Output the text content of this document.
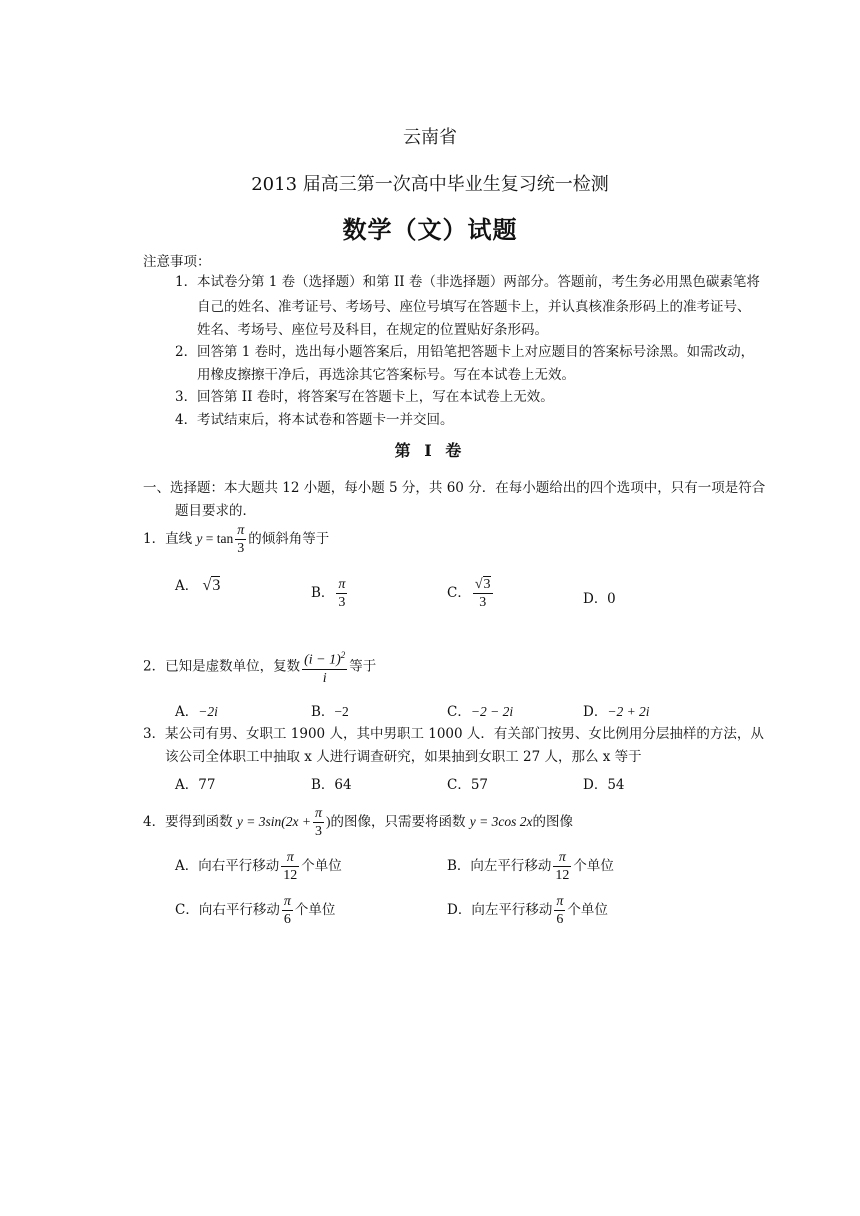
云南省
2013 届高三第一次高中毕业生复习统一检测
数学（文）试题
注意事项：
1． 本试卷分第 1 卷（选择题）和第 II 卷（非选择题）两部分。答题前，考生务必用黑色碳素笔将
自己的姓名、准考证号、考场号、座位号填写在答题卡上，并认真核准条形码上的准考证号、
姓名、考场号、座位号及科目，在规定的位置贴好条形码。
2． 回答第 1 卷时，选出每小题答案后，用铅笔把答题卡上对应题目的答案标号涂黑。如需改动，
用橡皮擦擦干净后，再选涂其它答案标号。写在本试卷上无效。
3． 回答第 II 卷时，将答案写在答题卡上，写在本试卷上无效。
4． 考试结束后，将本试卷和答题卡一并交回。
第 Ⅰ 卷
一、选择题：本大题共 12 小题，每小题 5 分，共 60 分．在每小题给出的四个选项中，只有一项是符合
题目要求的．
1．直线 $y = \tan \frac{\pi}{3}$ 的倾斜角等于
A． √3	B． $\frac{\pi}{3}$	C． $\frac{√3}{3}$	D．0
2．已知是虚数单位，复数 $\frac{(i - 1)^2}{i}$ 等于
A．−2i	B．−2	C．−2 − 2i	D．−2 + 2i
3． 某公司有男、女职工 1900 人，其中男职工 1000 人．有关部门按男、女比例用分层抽样的方法，从
该公司全体职工中抽取 x 人进行调查研究，如果抽到女职工 27 人，那么 x 等于
A．77	B．64	C．57	D．54
4．要得到函数 $y = 3\sin(2x + \frac{\pi}{3}$ )的图像，只需要将函数 y = 3cos 2x的图像
A．向右平行移动 $\frac{\pi}{12}$ 个单位	B．向左平行移动 $\frac{\pi}{12}$ 个单位
C．向右平行移动 $\frac{\pi}{6}$ 个单位	D．向左平行移动 $\frac{\pi}{6}$ 个单位
